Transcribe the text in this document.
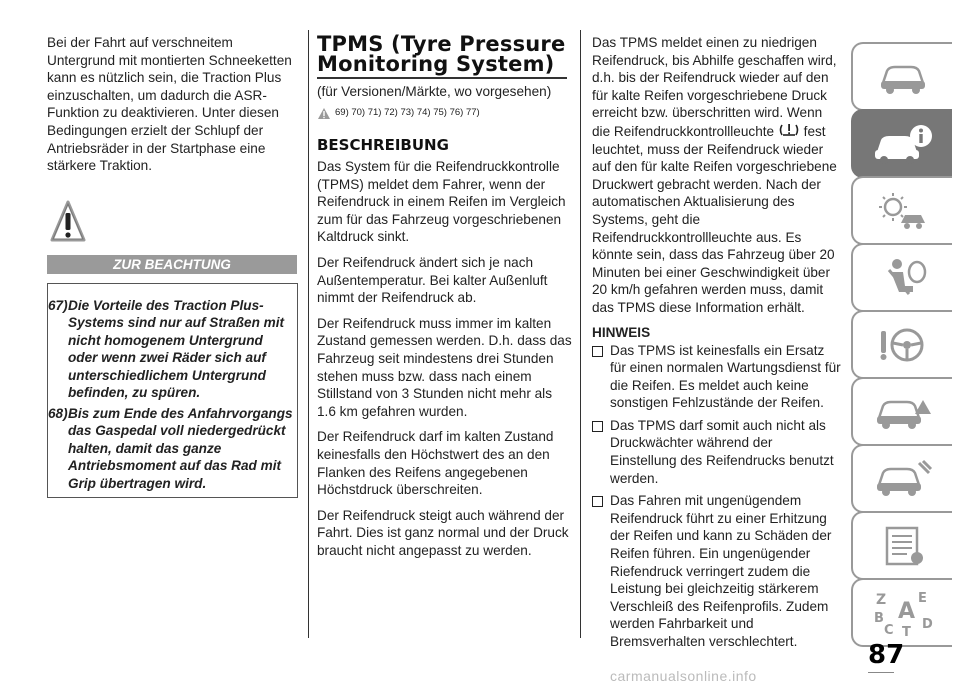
Bei der Fahrt auf verschneitem Untergrund mit montierten Schneeketten kann es nützlich sein, die Traction Plus einzuschalten, um dadurch die ASR-Funktion zu deaktivieren. Unter diesen Bedingungen erzielt der Schlupf der Antriebsräder in der Startphase eine stärkere Traktion.

ZUR BEACHTUNG
67) Die Vorteile des Traction Plus-Systems sind nur auf Straßen mit nicht homogenem Untergrund oder wenn zwei Räder sich auf unterschiedlichem Untergrund befinden, zu spüren.
68) Bis zum Ende des Anfahrvorgangs das Gaspedal voll niedergedrückt halten, damit das ganze Antriebsmoment auf das Rad mit Grip übertragen wird.
TPMS (Tyre Pressure Monitoring System)
(für Versionen/Märkte, wo vorgesehen)
69) 70) 71) 72) 73) 74) 75) 76) 77)
BESCHREIBUNG

Das System für die Reifendruckkontrolle (TPMS) meldet dem Fahrer, wenn der Reifendruck in einem Reifen im Vergleich zum für das Fahrzeug vorgeschriebenen Kaltdruck sinkt.

Der Reifendruck ändert sich je nach Außentemperatur. Bei kalter Außenluft nimmt der Reifendruck ab.

Der Reifendruck muss immer im kalten Zustand gemessen werden. D.h. dass das Fahrzeug seit mindestens drei Stunden stehen muss bzw. dass nach einem Stillstand von 3 Stunden nicht mehr als 1.6 km gefahren wurden.

Der Reifendruck darf im kalten Zustand keinesfalls den Höchstwert des an den Flanken des Reifens angegebenen Höchstdruck überschreiten.

Der Reifendruck steigt auch während der Fahrt. Dies ist ganz normal und der Druck braucht nicht angepasst zu werden.

Das TPMS meldet einen zu niedrigen Reifendruck, bis Abhilfe geschaffen wird, d.h. bis der Reifendruck wieder auf den für kalte Reifen vorgeschriebene Druck erreicht bzw. überschritten wird. Wenn die Reifendruckkontrollleuchte fest leuchtet, muss der Reifendruck wieder auf den für kalte Reifen vorgeschriebene Druckwert gebracht werden. Nach der automatischen Aktualisierung des Systems, geht die Reifendruckkontrollleuchte aus. Es könnte sein, dass das Fahrzeug über 20 Minuten bei einer Geschwindigkeit über 20 km/h gefahren werden muss, damit das TPMS diese Information erhält.

HINWEIS
Das TPMS ist keinesfalls ein Ersatz für einen normalen Wartungsdienst für die Reifen. Es meldet auch keine sonstigen Fehlzustände der Reifen.
Das TPMS darf somit auch nicht als Druckwächter während der Einstellung des Reifendrucks benutzt werden.
Das Fahren mit ungenügendem Reifendruck führt zu einer Erhitzung der Reifen und kann zu Schäden der Reifen führen. Ein ungenügender Riefendruck verringert zudem die Leistung bei gleichzeitig stärkerem Verschleiß des Reifenprofils. Zudem werden Fahrbarkeit und Bremsverhalten verschlechtert.
Z E
B A
C T
D
87
carmanualsonline.info
